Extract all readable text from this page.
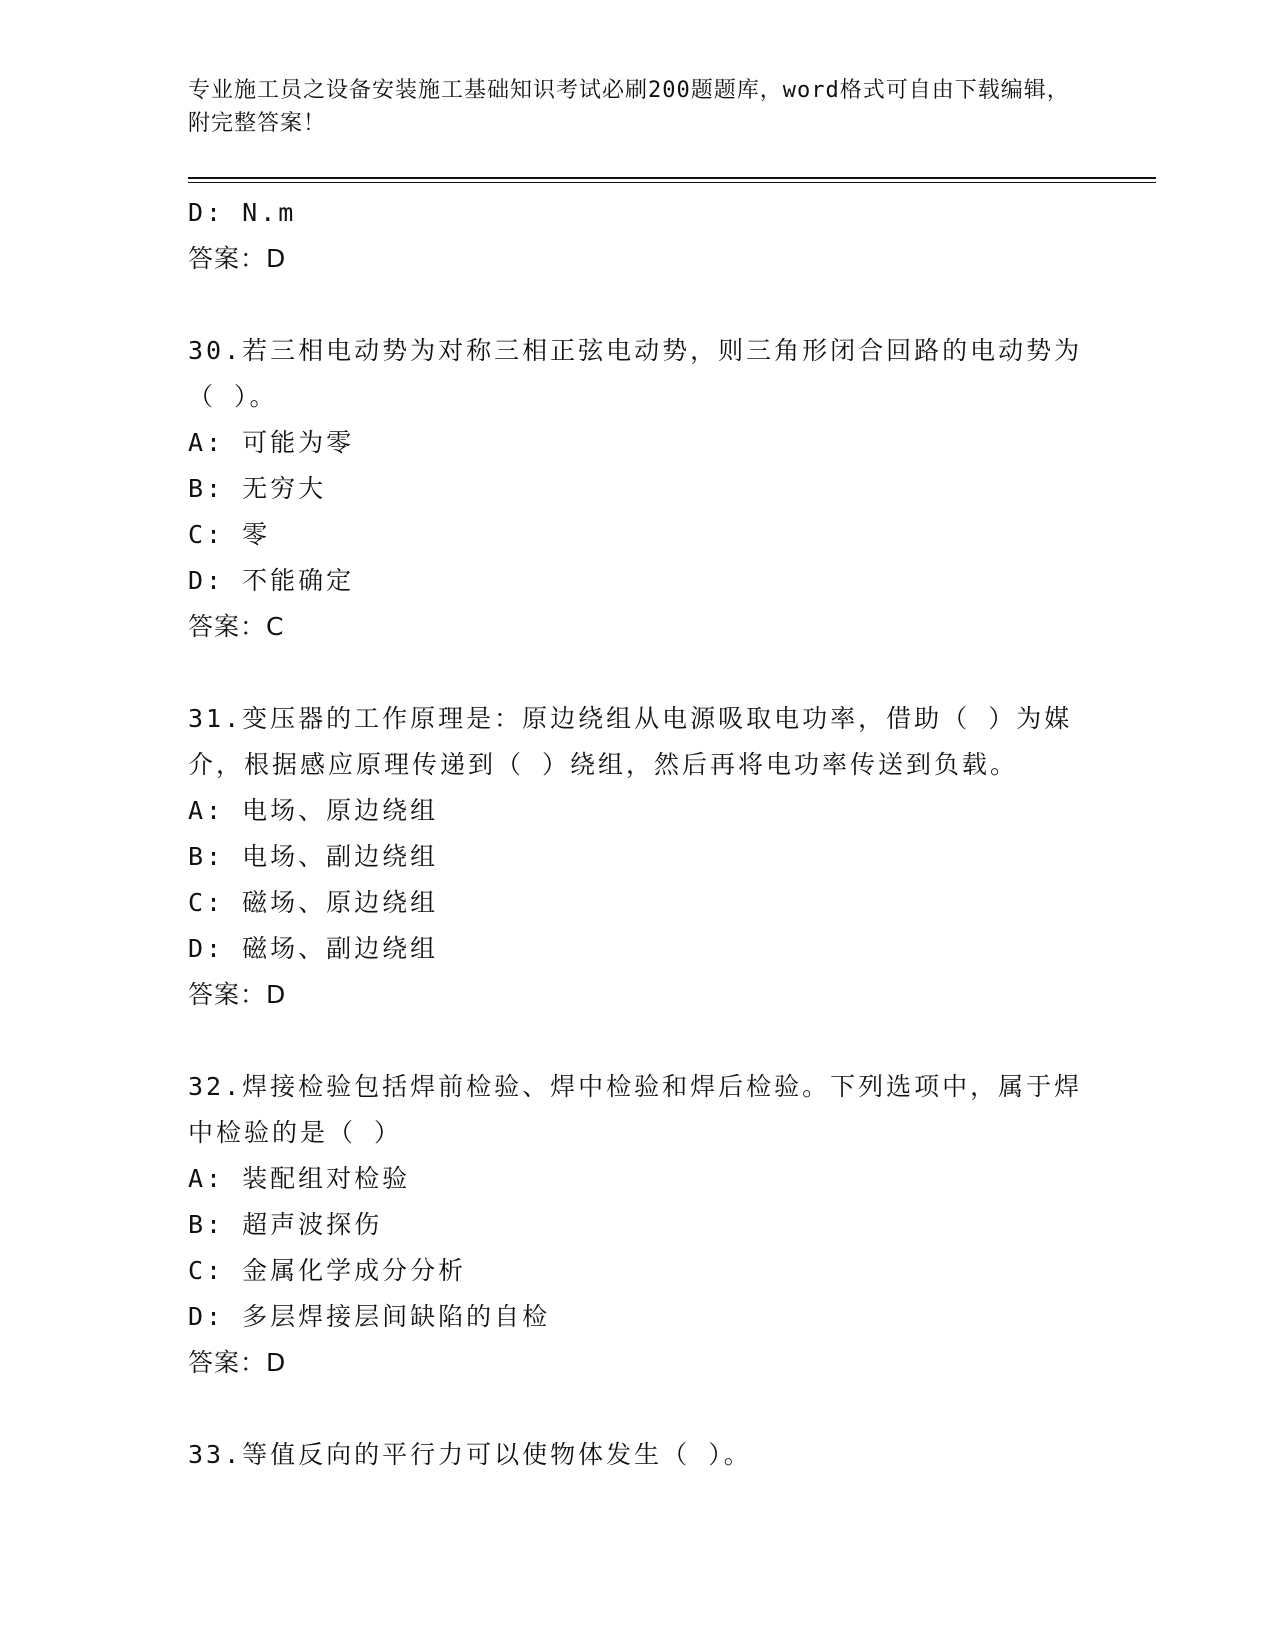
专业施工员之设备安装施工基础知识考试必刷200题题库，word格式可自由下载编辑，附完整答案！

D: N.m
答案：D
30.若三相电动势为对称三相正弦电动势，则三角形闭合回路的电动势为（ ）。
A: 可能为零
B: 无穷大
C: 零
D: 不能确定
答案：C
31.变压器的工作原理是：原边绕组从电源吸取电功率，借助（ ）为媒介，根据感应原理传递到（ ）绕组，然后再将电功率传送到负载。
A: 电场、原边绕组
B: 电场、副边绕组
C: 磁场、原边绕组
D: 磁场、副边绕组
答案：D
32.焊接检验包括焊前检验、焊中检验和焊后检验。下列选项中，属于焊中检验的是（ ）
A: 装配组对检验
B: 超声波探伤
C: 金属化学成分分析
D: 多层焊接层间缺陷的自检
答案：D
33.等值反向的平行力可以使物体发生（ ）。
